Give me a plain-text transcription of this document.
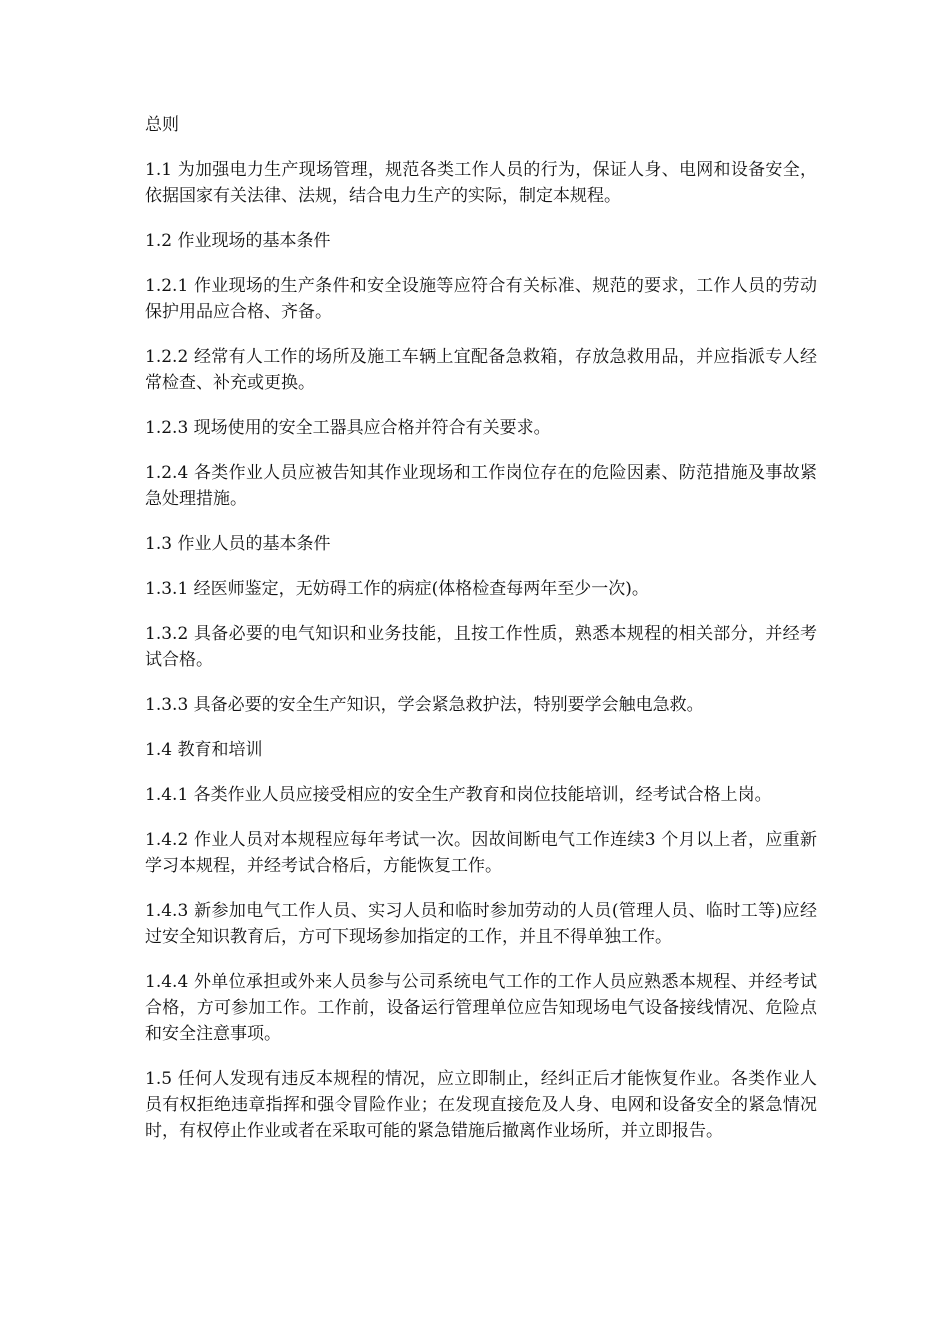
总则

1.1 为加强电力生产现场管理，规范各类工作人员的行为，保证人身、电网和设备安全，依据国家有关法律、法规，结合电力生产的实际，制定本规程。

1.2 作业现场的基本条件

1.2.1 作业现场的生产条件和安全设施等应符合有关标准、规范的要求，工作人员的劳动保护用品应合格、齐备。

1.2.2 经常有人工作的场所及施工车辆上宜配备急救箱，存放急救用品，并应指派专人经常检查、补充或更换。

1.2.3 现场使用的安全工器具应合格并符合有关要求。

1.2.4 各类作业人员应被告知其作业现场和工作岗位存在的危险因素、防范措施及事故紧急处理措施。

1.3 作业人员的基本条件

1.3.1 经医师鉴定，无妨碍工作的病症(体格检查每两年至少一次)。

1.3.2 具备必要的电气知识和业务技能，且按工作性质，熟悉本规程的相关部分，并经考试合格。

1.3.3 具备必要的安全生产知识，学会紧急救护法，特别要学会触电急救。

1.4 教育和培训

1.4.1 各类作业人员应接受相应的安全生产教育和岗位技能培训，经考试合格上岗。

1.4.2 作业人员对本规程应每年考试一次。因故间断电气工作连续3 个月以上者，应重新学习本规程，并经考试合格后，方能恢复工作。

1.4.3 新参加电气工作人员、实习人员和临时参加劳动的人员(管理人员、临时工等)应经过安全知识教育后，方可下现场参加指定的工作，并且不得单独工作。

1.4.4 外单位承担或外来人员参与公司系统电气工作的工作人员应熟悉本规程、并经考试合格，方可参加工作。工作前，设备运行管理单位应告知现场电气设备接线情况、危险点和安全注意事项。

1.5 任何人发现有违反本规程的情况，应立即制止，经纠正后才能恢复作业。各类作业人员有权拒绝违章指挥和强令冒险作业；在发现直接危及人身、电网和设备安全的紧急情况时，有权停止作业或者在采取可能的紧急错施后撤离作业场所，并立即报告。
